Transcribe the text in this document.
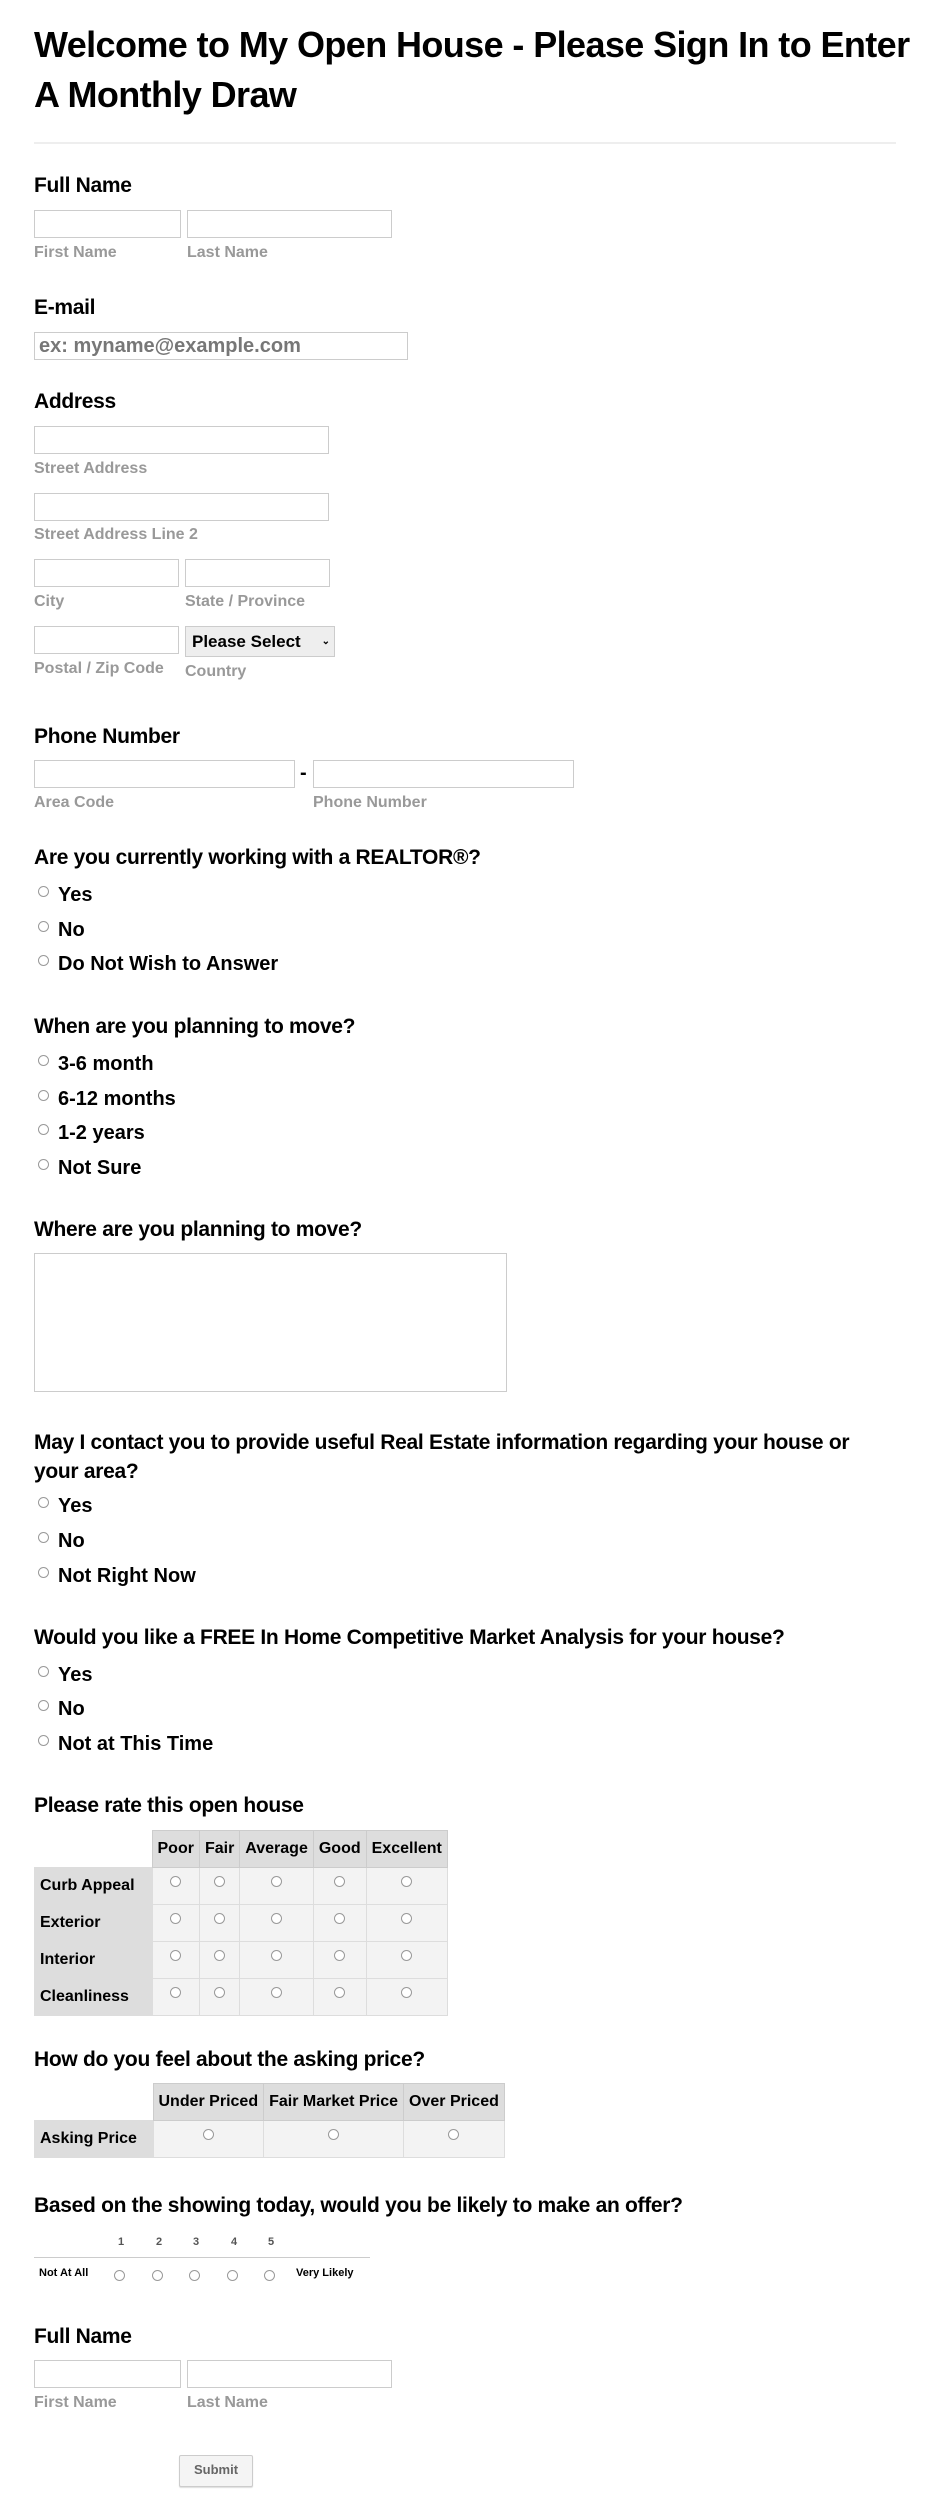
Welcome to My Open House - Please Sign In to Enter A Monthly Draw
Full Name
First Name	Last Name
E-mail
ex: myname@example.com
Address
Street Address
Street Address Line 2
City	State / Province
Please Select ⌄
Postal / Zip Code Country
Phone Number
-
Area Code	Phone Number
Are you currently working with a REALTOR®?
Yes
No
Do Not Wish to Answer
When are you planning to move?
3-6 month
6-12 months
1-2 years
Not Sure
Where are you planning to move?
May I contact you to provide useful Real Estate information regarding your house or your area?
Yes
No
Not Right Now
Would you like a FREE In Home Competitive Market Analysis for your house?
Yes
No
Not at This Time
Please rate this open house
	Poor	Fair	Average	Good	Excellent
Curb Appeal					
Exterior					
Interior					
Cleanliness					
How do you feel about the asking price?
	Under Priced	Fair Market Price	Over Priced
Asking Price			
Based on the showing today, would you be likely to make an offer?
1	2	3	4	5
Not At All	Very Likely
Full Name
First Name	Last Name
Submit
